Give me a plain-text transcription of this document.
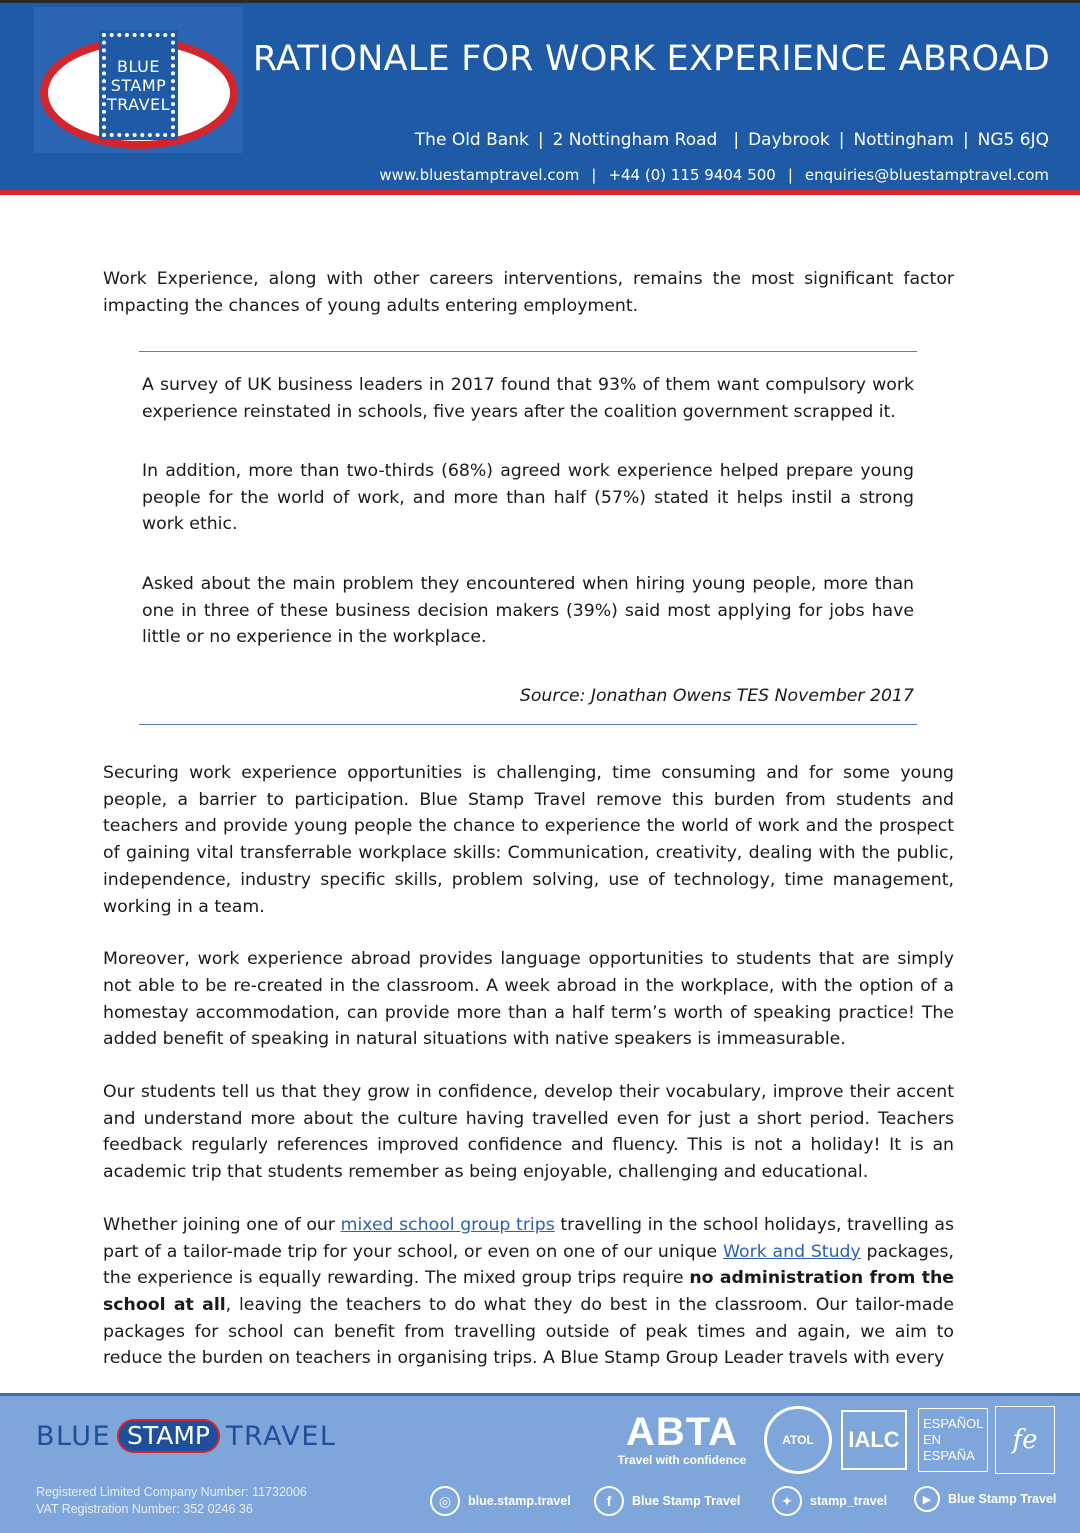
BLUE
STAMP
TRAVEL
RATIONALE FOR WORK EXPERIENCE ABROAD
The Old Bank | 2 Nottingham Road | Daybrook | Nottingham | NG5 6JQ
www.bluestamptravel.com | +44 (0) 115 9404 500 | enquiries@bluestamptravel.com

Work Experience, along with other careers interventions, remains the most significant factor impacting the chances of young adults entering employment.

A survey of UK business leaders in 2017 found that 93% of them want compulsory work experience reinstated in schools, five years after the coalition government scrapped it.

In addition, more than two-thirds (68%) agreed work experience helped prepare young people for the world of work, and more than half (57%) stated it helps instil a strong work ethic.

Asked about the main problem they encountered when hiring young people, more than one in three of these business decision makers (39%) said most applying for jobs have little or no experience in the workplace.

Source: Jonathan Owens TES November 2017

Securing work experience opportunities is challenging, time consuming and for some young people, a barrier to participation. Blue Stamp Travel remove this burden from students and teachers and provide young people the chance to experience the world of work and the prospect of gaining vital transferrable workplace skills: Communication, creativity, dealing with the public, independence, industry specific skills, problem solving, use of technology, time management, working in a team.

Moreover, work experience abroad provides language opportunities to students that are simply not able to be re-created in the classroom. A week abroad in the workplace, with the option of a homestay accommodation, can provide more than a half term’s worth of speaking practice! The added benefit of speaking in natural situations with native speakers is immeasurable.

Our students tell us that they grow in confidence, develop their vocabulary, improve their accent and understand more about the culture having travelled even for just a short period. Teachers feedback regularly references improved confidence and fluency. This is not a holiday! It is an academic trip that students remember as being enjoyable, challenging and educational.

Whether joining one of our mixed school group trips travelling in the school holidays, travelling as part of a tailor-made trip for your school, or even on one of our unique Work and Study packages, the experience is equally rewarding. The mixed group trips require no administration from the school at all, leaving the teachers to do what they do best in the classroom. Our tailor-made packages for school can benefit from travelling outside of peak times and again, we aim to reduce the burden on teachers in organising trips. A Blue Stamp Group Leader travels with every

BLUE STAMP TRAVEL
Registered Limited Company Number: 11732006
VAT Registration Number: 352 0246 36
ABTA
Travel with confidence
ATOL IALC
ESPAÑOL
EN
ESPAÑA
fe
◎	blue.stamp.travel	f	Blue Stamp Travel	✦	stamp_travel	▶	Blue Stamp Travel
